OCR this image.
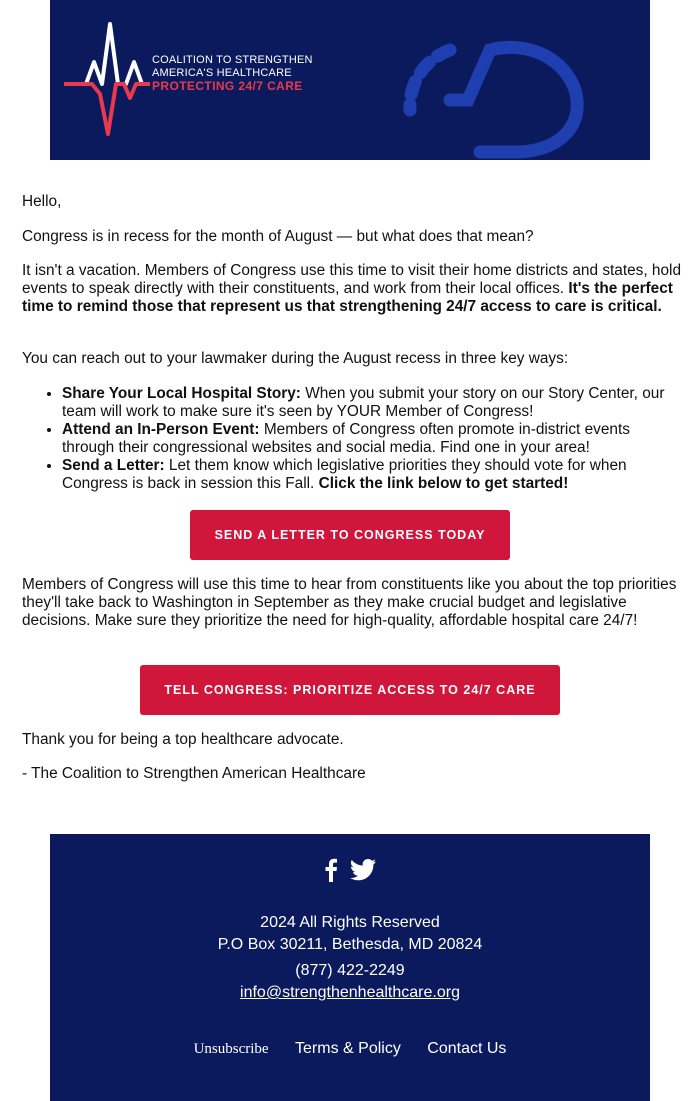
COALITION TO STRENGTHEN
AMERICA'S HEALTHCARE
PROTECTING 24/7 CARE

Hello,

Congress is in recess for the month of August — but what does that mean?

It isn't a vacation. Members of Congress use this time to visit their home districts and states, hold events to speak directly with their constituents, and work from their local offices. It's the perfect time to remind those that represent us that strengthening 24/7 access to care is critical.

You can reach out to your lawmaker during the August recess in three key ways:

• Share Your Local Hospital Story: When you submit your story on our Story Center, our team will work to make sure it's seen by YOUR Member of Congress!
• Attend an In-Person Event: Members of Congress often promote in-district events through their congressional websites and social media. Find one in your area!
• Send a Letter: Let them know which legislative priorities they should vote for when Congress is back in session this Fall. Click the link below to get started!
SEND A LETTER TO CONGRESS TODAY

Members of Congress will use this time to hear from constituents like you about the top priorities they'll take back to Washington in September as they make crucial budget and legislative decisions. Make sure they prioritize the need for high-quality, affordable hospital care 24/7!

TELL CONGRESS: PRIORITIZE ACCESS TO 24/7 CARE

Thank you for being a top healthcare advocate.

- The Coalition to Strengthen American Healthcare

2024 All Rights Reserved
P.O Box 30211, Bethesda, MD 20824
(877) 422-2249
info@strengthenhealthcare.org
Unsubscribe Terms & Policy Contact Us
